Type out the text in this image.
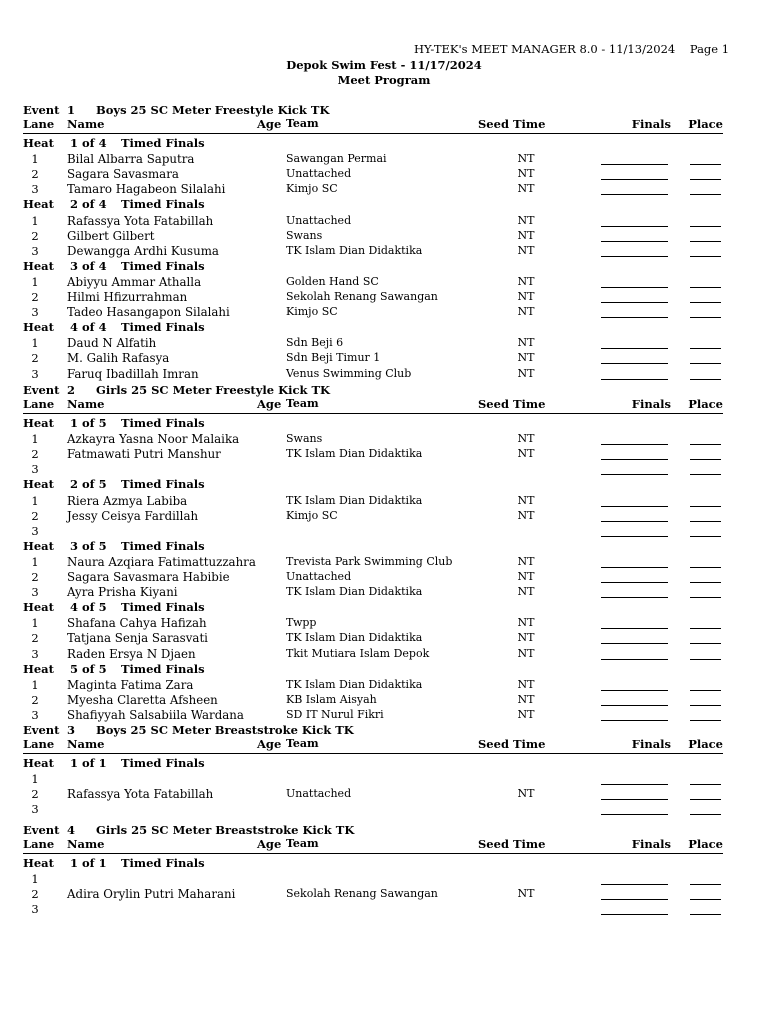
HY-TEK's MEET MANAGER 8.0 - 11/13/2024 Page 1
Depok Swim Fest - 11/17/2024
Meet Program
Event 1 Boys 25 SC Meter Freestyle Kick TK
Lane Name	Age Team	Seed Time	Finals Place
Heat 1 of 4 Timed Finals
1	Bilal Albarra Saputra	Sawangan Permai	NT
2	Sagara Savasmara	Unattached	NT
3	Tamaro Hagabeon Silalahi	Kimjo SC	NT
Heat 2 of 4 Timed Finals
1	Rafassya Yota Fatabillah	Unattached	NT
2	Gilbert Gilbert	Swans	NT
3	Dewangga Ardhi Kusuma	TK Islam Dian Didaktika	NT
Heat 3 of 4 Timed Finals
1	Abiyyu Ammar Athalla	Golden Hand SC	NT
2	Hilmi Hfizurrahman	Sekolah Renang Sawangan	NT
3	Tadeo Hasangapon Silalahi	Kimjo SC	NT
Heat 4 of 4 Timed Finals
1	Daud N Alfatih	Sdn Beji 6	NT
2	M. Galih Rafasya	Sdn Beji Timur 1	NT
3	Faruq Ibadillah Imran	Venus Swimming Club	NT
Event 2 Girls 25 SC Meter Freestyle Kick TK
Lane Name	Age Team	Seed Time	Finals Place
Heat 1 of 5 Timed Finals
1	Azkayra Yasna Noor Malaika	Swans	NT
2	Fatmawati Putri Manshur	TK Islam Dian Didaktika	NT
3
Heat 2 of 5 Timed Finals
1	Riera Azmya Labiba	TK Islam Dian Didaktika	NT
2	Jessy Ceisya Fardillah	Kimjo SC	NT
3
Heat 3 of 5 Timed Finals
1	Naura Azqiara Fatimattuzzahra	Trevista Park Swimming Club	NT
2	Sagara Savasmara Habibie	Unattached	NT
3	Ayra Prisha Kiyani	TK Islam Dian Didaktika	NT
Heat 4 of 5 Timed Finals
1	Shafana Cahya Hafizah	Twpp	NT
2	Tatjana Senja Sarasvati	TK Islam Dian Didaktika	NT
3	Raden Ersya N Djaen	Tkit Mutiara Islam Depok	NT
Heat 5 of 5 Timed Finals
1	Maginta Fatima Zara	TK Islam Dian Didaktika	NT
2	Myesha Claretta Afsheen	KB Islam Aisyah	NT
3	Shafiyyah Salsabiila Wardana	SD IT Nurul Fikri	NT
Event 3 Boys 25 SC Meter Breaststroke Kick TK
Lane Name	Age Team	Seed Time	Finals Place
Heat 1 of 1 Timed Finals
1
2	Rafassya Yota Fatabillah	Unattached	NT
3
Event 4 Girls 25 SC Meter Breaststroke Kick TK
Lane Name	Age Team	Seed Time	Finals Place
Heat 1 of 1 Timed Finals
1
2	Adira Orylin Putri Maharani	Sekolah Renang Sawangan	NT
3
